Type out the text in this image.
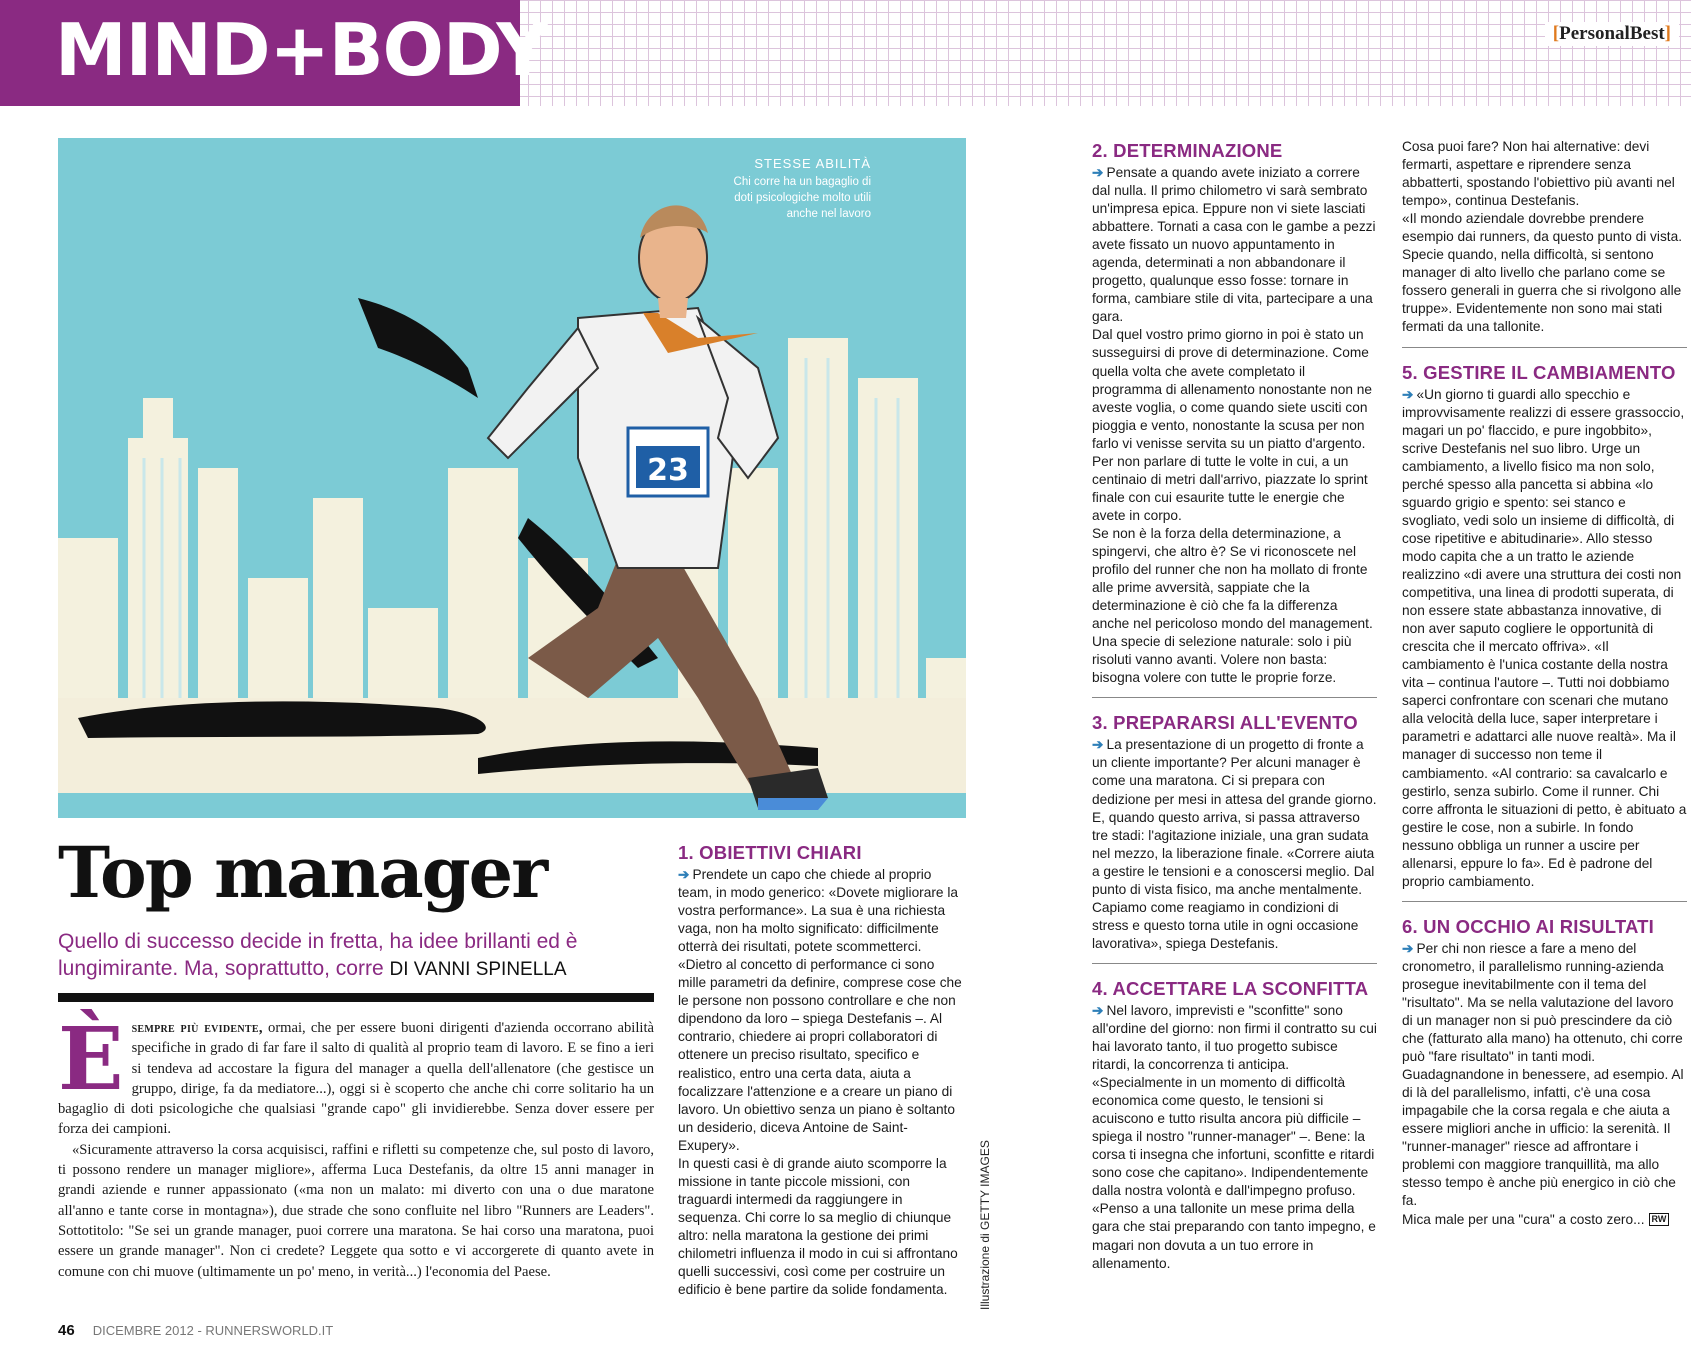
MIND+BODY	[PersonalBest]
23
STESSE ABILITÀ
Chi corre ha un bagaglio di doti psicologiche molto utili anche nel lavoro
Top manager
Quello di successo decide in fretta, ha idee brillanti ed è lungimirante. Ma, soprattutto, corre DI VANNI SPINELLA
È sempre più evidente, ormai, che per essere buoni dirigenti d'azienda occorrano abilità specifiche in grado di far fare il salto di qualità al proprio team di lavoro. E se fino a ieri si tendeva ad accostare la figura del manager a quella dell'allenatore (che gestisce un gruppo, dirige, fa da mediatore...), oggi si è scoperto che anche chi corre solitario ha un bagaglio di doti psicologiche che qualsiasi "grande capo" gli invidierebbe. Senza dover essere per forza dei campioni.

«Sicuramente attraverso la corsa acquisisci, raffini e rifletti su competenze che, sul posto di lavoro, ti possono rendere un manager migliore», afferma Luca Destefanis, da oltre 15 anni manager in grandi aziende e runner appassionato («ma non un malato: mi diverto con una o due maratone all'anno e tante corse in montagna»), due strade che sono confluite nel libro "Runners are Leaders". Sottotitolo: "Se sei un grande manager, puoi correre una maratona. Se hai corso una maratona, puoi essere un grande manager". Non ci credete? Leggete qua sotto e vi accorgerete di quanto avete in comune con chi muove (ultimamente un po' meno, in verità...) l'economia del Paese.

1. OBIETTIVI CHIARI

➔ Prendete un capo che chiede al proprio team, in modo generico: «Dovete migliorare la vostra performance». La sua è una richiesta vaga, non ha molto significato: difficilmente otterrà dei risultati, potete scommetterci.

«Dietro al concetto di performance ci sono mille parametri da definire, comprese cose che le persone non possono controllare e che non dipendono da loro – spiega Destefanis –. Al contrario, chiedere ai propri collaboratori di ottenere un preciso risultato, specifico e realistico, entro una certa data, aiuta a focalizzare l'attenzione e a creare un piano di lavoro. Un obiettivo senza un piano è soltanto un desiderio, diceva Antoine de Saint-Exupery».

In questi casi è di grande aiuto scomporre la missione in tante piccole missioni, con traguardi intermedi da raggiungere in sequenza. Chi corre lo sa meglio di chiunque altro: nella maratona la gestione dei primi chilometri influenza il modo in cui si affrontano quelli successivi, così come per costruire un edificio è bene partire da solide fondamenta.	Illustrazione di GETTY IMAGES
2. DETERMINAZIONE

➔ Pensate a quando avete iniziato a correre dal nulla. Il primo chilometro vi sarà sembrato un'impresa epica. Eppure non vi siete lasciati abbattere. Tornati a casa con le gambe a pezzi avete fissato un nuovo appuntamento in agenda, determinati a non abbandonare il progetto, qualunque esso fosse: tornare in forma, cambiare stile di vita, partecipare a una gara.

Dal quel vostro primo giorno in poi è stato un susseguirsi di prove di determinazione. Come quella volta che avete completato il programma di allenamento nonostante non ne aveste voglia, o come quando siete usciti con pioggia e vento, nonostante la scusa per non farlo vi venisse servita su un piatto d'argento. Per non parlare di tutte le volte in cui, a un centinaio di metri dall'arrivo, piazzate lo sprint finale con cui esaurite tutte le energie che avete in corpo.

Se non è la forza della determinazione, a spingervi, che altro è? Se vi riconoscete nel profilo del runner che non ha mollato di fronte alle prime avversità, sappiate che la determinazione è ciò che fa la differenza anche nel pericoloso mondo del management. Una specie di selezione naturale: solo i più risoluti vanno avanti. Volere non basta: bisogna volere con tutte le proprie forze.

3. PREPARARSI ALL'EVENTO

➔ La presentazione di un progetto di fronte a un cliente importante? Per alcuni manager è come una maratona. Ci si prepara con dedizione per mesi in attesa del grande giorno. E, quando questo arriva, si passa attraverso tre stadi: l'agitazione iniziale, una gran sudata nel mezzo, la liberazione finale. «Correre aiuta a gestire le tensioni e a conoscersi meglio. Dal punto di vista fisico, ma anche mentalmente. Capiamo come reagiamo in condizioni di stress e questo torna utile in ogni occasione lavorativa», spiega Destefanis.

4. ACCETTARE LA SCONFITTA

➔ Nel lavoro, imprevisti e "sconfitte" sono all'ordine del giorno: non firmi il contratto su cui hai lavorato tanto, il tuo progetto subisce ritardi, la concorrenza ti anticipa.

«Specialmente in un momento di difficoltà economica come questo, le tensioni si acuiscono e tutto risulta ancora più difficile – spiega il nostro "runner-manager" –. Bene: la corsa ti insegna che infortuni, sconfitte e ritardi sono cose che capitano». Indipendentemente dalla nostra volontà e dall'impegno profuso. «Penso a una tallonite un mese prima della gara che stai preparando con tanto impegno, e magari non dovuta a un tuo errore in allenamento.

Cosa puoi fare? Non hai alternative: devi fermarti, aspettare e riprendere senza abbatterti, spostando l'obiettivo più avanti nel tempo», continua Destefanis.

«Il mondo aziendale dovrebbe prendere esempio dai runners, da questo punto di vista. Specie quando, nella difficoltà, si sentono manager di alto livello che parlano come se fossero generali in guerra che si rivolgono alle truppe». Evidentemente non sono mai stati fermati da una tallonite.

5. GESTIRE IL CAMBIAMENTO

➔ «Un giorno ti guardi allo specchio e improvvisamente realizzi di essere grassoccio, magari un po' flaccido, e pure ingobbito», scrive Destefanis nel suo libro. Urge un cambiamento, a livello fisico ma non solo, perché spesso alla pancetta si abbina «lo sguardo grigio e spento: sei stanco e svogliato, vedi solo un insieme di difficoltà, di cose ripetitive e abitudinarie». Allo stesso modo capita che a un tratto le aziende realizzino «di avere una struttura dei costi non competitiva, una linea di prodotti superata, di non essere state abbastanza innovative, di non aver saputo cogliere le opportunità di crescita che il mercato offriva». «Il cambiamento è l'unica costante della nostra vita – continua l'autore –. Tutti noi dobbiamo saperci confrontare con scenari che mutano alla velocità della luce, saper interpretare i parametri e adattarci alle nuove realtà». Ma il manager di successo non teme il cambiamento. «Al contrario: sa cavalcarlo e gestirlo, senza subirlo. Come il runner. Chi corre affronta le situazioni di petto, è abituato a gestire le cose, non a subirle. In fondo nessuno obbliga un runner a uscire per allenarsi, eppure lo fa». Ed è padrone del proprio cambiamento.

6. UN OCCHIO AI RISULTATI

➔ Per chi non riesce a fare a meno del cronometro, il parallelismo running-azienda prosegue inevitabilmente con il tema del "risultato". Ma se nella valutazione del lavoro di un manager non si può prescindere da ciò che (fatturato alla mano) ha ottenuto, chi corre può "fare risultato" in tanti modi. Guadagnandone in benessere, ad esempio. Al di là del parallelismo, infatti, c'è una cosa impagabile che la corsa regala e che aiuta a essere migliori anche in ufficio: la serenità. Il "runner-manager" riesce ad affrontare i problemi con maggiore tranquillità, ma allo stesso tempo è anche più energico in ciò che fa.

Mica male per una "cura" a costo zero... RW

46 DICEMBRE 2012 - RUNNERSWORLD.IT
